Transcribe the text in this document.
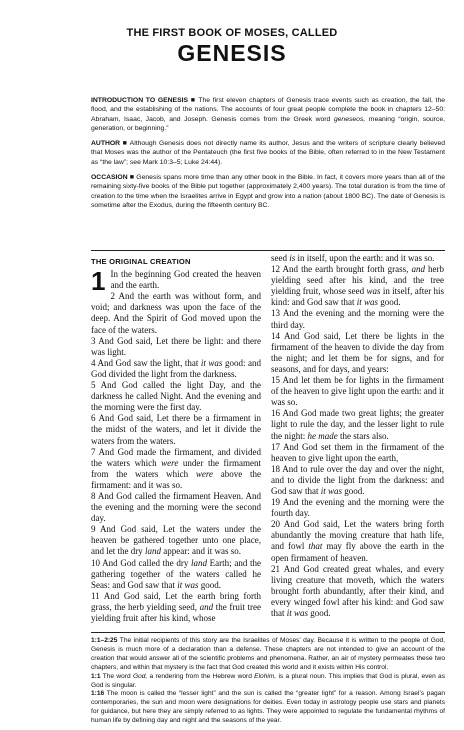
THE FIRST BOOK OF MOSES, CALLED
GENESIS

INTRODUCTION TO GENESIS ■ The first eleven chapters of Genesis trace events such as creation, the fall, the flood, and the establishing of the nations. The accounts of four great people complete the book in chapters 12–50: Abraham, Isaac, Jacob, and Joseph. Genesis comes from the Greek word geneseos, meaning “origin, source, generation, or beginning.”

AUTHOR ■ Although Genesis does not directly name its author, Jesus and the writers of scripture clearly believed that Moses was the author of the Pentateuch (the first five books of the Bible, often referred to in the New Testament as “the law”; see Mark 10:3–5; Luke 24:44).

OCCASION ■ Genesis spans more time than any other book in the Bible. In fact, it covers more years than all of the remaining sixty-five books of the Bible put together (approximately 2,400 years). The total duration is from the time of creation to the time when the Israelites arrive in Egypt and grow into a nation (about 1800 BC). The date of Genesis is sometime after the Exodus, during the fifteenth century BC.

THE ORIGINAL CREATION

1 In the beginning God created the heaven and the earth.

2 And the earth was without form, and void; and darkness was upon the face of the deep. And the Spirit of God moved upon the face of the waters.

3 And God said, Let there be light: and there was light.

4 And God saw the light, that it was good: and God divided the light from the darkness.

5 And God called the light Day, and the darkness he called Night. And the evening and the morning were the first day.

6 And God said, Let there be a firmament in the midst of the waters, and let it divide the waters from the waters.

7 And God made the firmament, and divided the waters which were under the firmament from the waters which were above the firmament: and it was so.

8 And God called the firmament Heaven. And the evening and the morning were the second day.

9 And God said, Let the waters under the heaven be gathered together unto one place, and let the dry land appear: and it was so.

10 And God called the dry land Earth; and the gathering together of the waters called he Seas: and God saw that it was good.

11 And God said, Let the earth bring forth grass, the herb yielding seed, and the fruit tree yielding fruit after his kind, whose

seed is in itself, upon the earth: and it was so.

12 And the earth brought forth grass, and herb yielding seed after his kind, and the tree yielding fruit, whose seed was in itself, after his kind: and God saw that it was good.

13 And the evening and the morning were the third day.

14 And God said, Let there be lights in the firmament of the heaven to divide the day from the night; and let them be for signs, and for seasons, and for days, and years:

15 And let them be for lights in the firmament of the heaven to give light upon the earth: and it was so.

16 And God made two great lights; the greater light to rule the day, and the lesser light to rule the night: he made the stars also.

17 And God set them in the firmament of the heaven to give light upon the earth,

18 And to rule over the day and over the night, and to divide the light from the darkness: and God saw that it was good.

19 And the evening and the morning were the fourth day.

20 And God said, Let the waters bring forth abundantly the moving creature that hath life, and fowl that may fly above the earth in the open firmament of heaven.

21 And God created great whales, and every living creature that moveth, which the waters brought forth abundantly, after their kind, and every winged fowl after his kind: and God saw that it was good.

1:1–2:25 The initial recipients of this story are the Israelites of Moses’ day. Because it is written to the people of God, Genesis is much more of a declaration than a defense. These chapters are not intended to give an account of the creation that would answer all of the scientific problems and phenomena. Rather, an air of mystery permeates these two chapters, and within that mystery is the fact that God created this world and it exists within His control.

1:1 The word God, a rendering from the Hebrew word Elohim, is a plural noun. This implies that God is plural, even as God is singular.

1:16 The moon is called the “lesser light” and the sun is called the “greater light” for a reason. Among Israel’s pagan contemporaries, the sun and moon were designations for deities. Even today in astrology people use stars and planets for guidance, but here they are simply referred to as lights. They were appointed to regulate the fundamental rhythms of human life by defining day and night and the seasons of the year.
